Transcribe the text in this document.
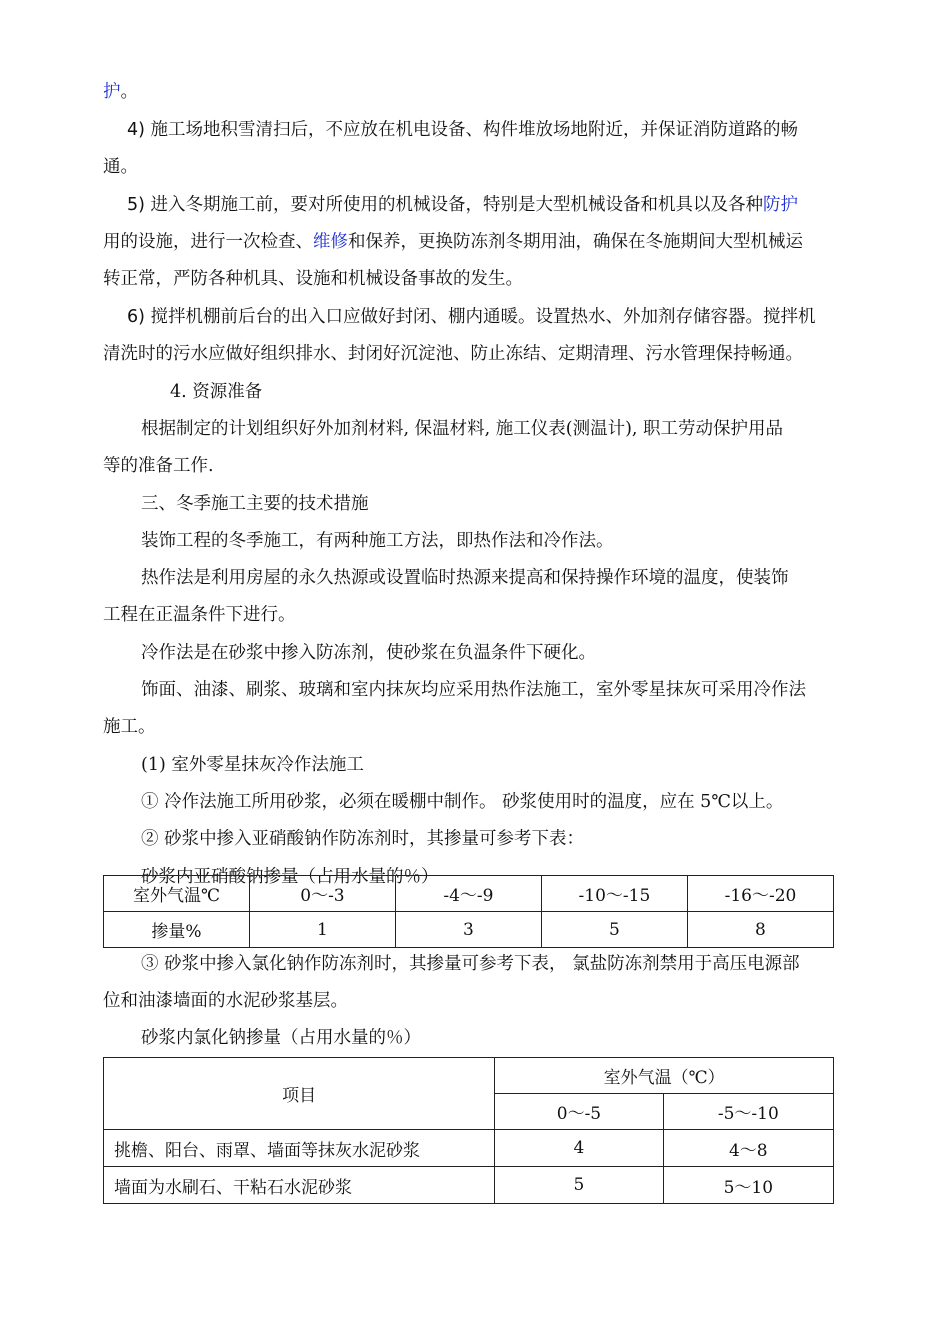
护。
4) 施工场地积雪清扫后，不应放在机电设备、构件堆放场地附近，并保证消防道路的畅
通。
5) 进入冬期施工前，要对所使用的机械设备，特别是大型机械设备和机具以及各种防护
用的设施，进行一次检查、维修和保养，更换防冻剂冬期用油，确保在冬施期间大型机械运
转正常，严防各种机具、设施和机械设备事故的发生。
6) 搅拌机棚前后台的出入口应做好封闭、棚内通暖。设置热水、外加剂存储容器。搅拌机
清洗时的污水应做好组织排水、封闭好沉淀池、防止冻结、定期清理、污水管理保持畅通。
4. 资源准备
根据制定的计划组织好外加剂材料, 保温材料, 施工仪表(测温计), 职工劳动保护用品
等的准备工作.
三、冬季施工主要的技术措施
装饰工程的冬季施工，有两种施工方法，即热作法和冷作法。
热作法是利用房屋的永久热源或设置临时热源来提高和保持操作环境的温度，使装饰
工程在正温条件下进行。
冷作法是在砂浆中掺入防冻剂，使砂浆在负温条件下硬化。
饰面、油漆、刷浆、玻璃和室内抹灰均应采用热作法施工，室外零星抹灰可采用冷作法
施工。
(1) 室外零星抹灰冷作法施工
① 冷作法施工所用砂浆，必须在暖棚中制作。 砂浆使用时的温度，应在 5℃以上。
② 砂浆中掺入亚硝酸钠作防冻剂时，其掺量可参考下表：
砂浆内亚硝酸钠掺量（占用水量的％）
室外气温℃	0～-3	-4～-9	-10～-15	-16～-20
掺量%	1	3	5	8
③ 砂浆中掺入氯化钠作防冻剂时，其掺量可参考下表， 氯盐防冻剂禁用于高压电源部
位和油漆墙面的水泥砂浆基层。
砂浆内氯化钠掺量（占用水量的％）
项目	室外气温（℃）	
	0～-5	-5～-10
挑檐、阳台、雨罩、墙面等抹灰水泥砂浆	4	4～8
墙面为水刷石、干粘石水泥砂浆	5	5～10
